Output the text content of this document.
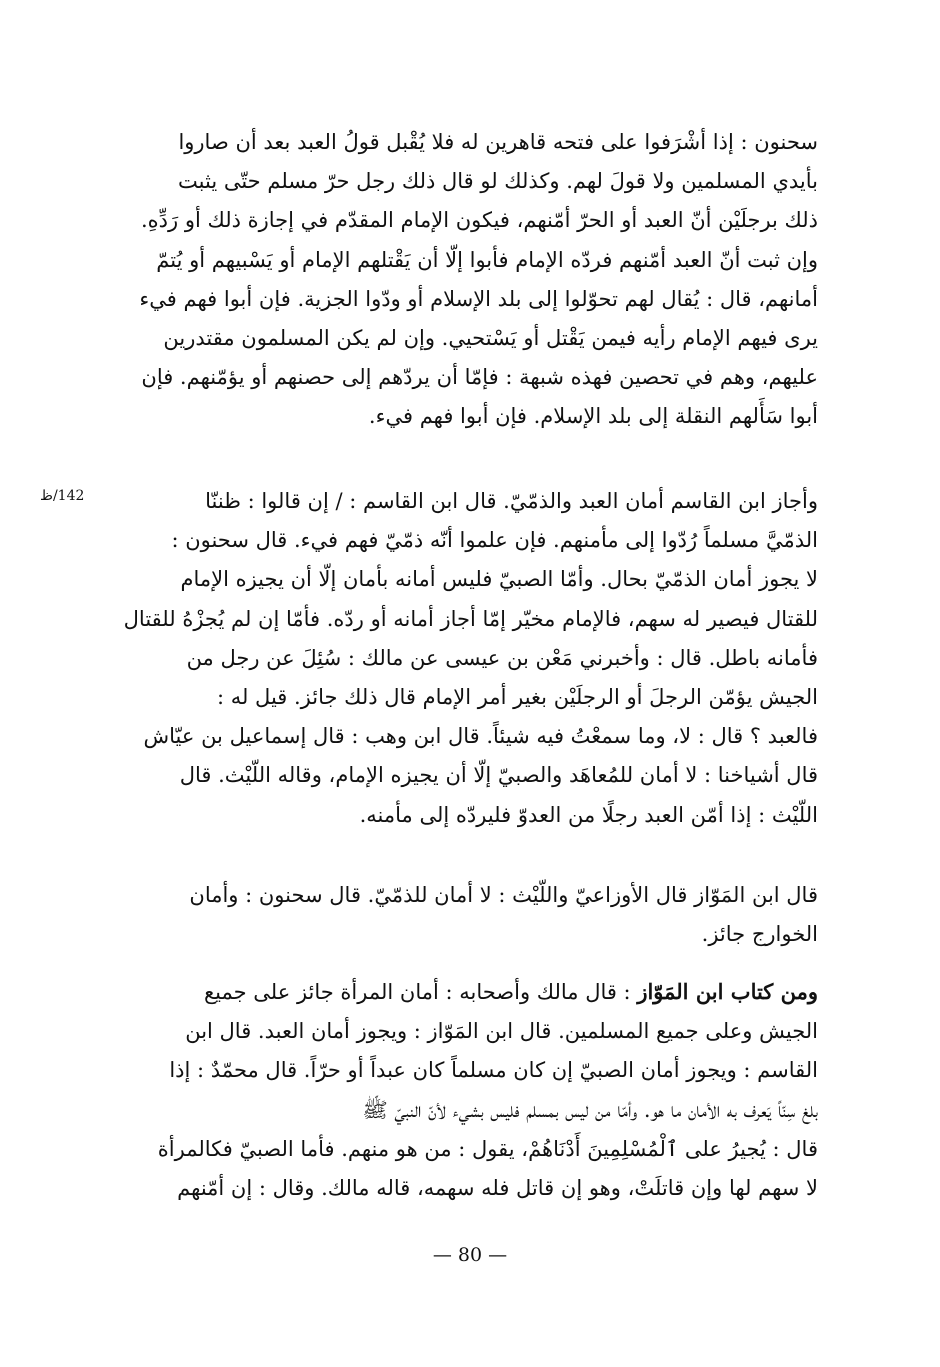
142/ظ
سحنون : إذا أشْرَفوا على فتحه قاهرين له فلا يُقْبل قولُ العبد بعد أن صاروا
بأيدي المسلمين ولا قولَ لهم. وكذلك لو قال ذلك رجل حرّ مسلم حتّى يثبت
ذلك برجلَيْن أنّ العبد أو الحرّ أمّنهم، فيكون الإمام المقدّم في إجازة ذلك أو رَدِّهِ.
وإن ثبت أنّ العبد أمّنهم فردّه الإمام فأبوا إلّا أن يَقْتلهم الإمام أو يَسْبيهم أو يُتمّ
أمانهم، قال : يُقال لهم تحوّلوا إلى بلد الإسلام أو ودّوا الجزية. فإن أبوا فهم فيء
يرى فيهم الإمام رأيه فيمن يَقْتل أو يَسْتحيي. وإن لم يكن المسلمون مقتدرين
عليهم، وهم في تحصين فهذه شبهة : فإمّا أن يردّهم إلى حصنهم أو يؤمّنهم. فإن
أبوا سَأَلهم النقلة إلى بلد الإسلام. فإن أبوا فهم فيء.
وأجاز ابن القاسم أمان العبد والذمّيّ. قال ابن القاسم : / إن قالوا : ظننّا
الذمّيَّ مسلماً رُدّوا إلى مأمنهم. فإن علموا أنّه ذمّيّ فهم فيء. قال سحنون :
لا يجوز أمان الذمّيّ بحال. وأمّا الصبيّ فليس أمانه بأمان إلّا أن يجيزه الإمام
للقتال فيصير له سهم، فالإمام مخيّر إمّا أجاز أمانه أو ردّه. فأمّا إن لم يُجزْهُ للقتال
فأمانه باطل. قال : وأخبرني مَعْن بن عيسى عن مالك : سُئِلَ عن رجل من
الجيش يؤمّن الرجلَ أو الرجلَيْن بغير أمر الإمام قال ذلك جائز. قيل له :
فالعبد ؟ قال : لا، وما سمعْتُ فيه شيئاً. قال ابن وهب : قال إسماعيل بن عيّاش
قال أشياخنا : لا أمان للمُعاهَد والصبيّ إلّا أن يجيزه الإمام، وقاله اللّيْث. قال
اللّيْث : إذا أمّن العبد رجلًا من العدوّ فليردّه إلى مأمنه.
قال ابن المَوّاز قال الأوزاعيّ واللّيْث : لا أمان للذمّيّ. قال سحنون : وأمان
الخوارج جائز.
ومن كتاب ابن المَوّاز : قال مالك وأصحابه : أمان المرأة جائز على جميع
الجيش وعلى جميع المسلمين. قال ابن المَوّاز : ويجوز أمان العبد. قال ابن
القاسم : ويجوز أمان الصبيّ إن كان مسلماً كان عبداً أو حرّاً. قال محمّدٌ : إذا
بلغ سِنّاً يَعرف به الأمان ما هو. وأمّا من ليس بمسلم فليس بشيء لأنّ النبيّ ﷺ
قال : يُجيرُ على ٱلْمُسْلِمِينَ أَدْنَاهُمْ، يقول : من هو منهم. فأما الصبيّ فكالمرأة
لا سهم لها وإن قاتلَتْ، وهو إن قاتل فله سهمه، قاله مالك. وقال : إن أمّنهم
— 80 —
